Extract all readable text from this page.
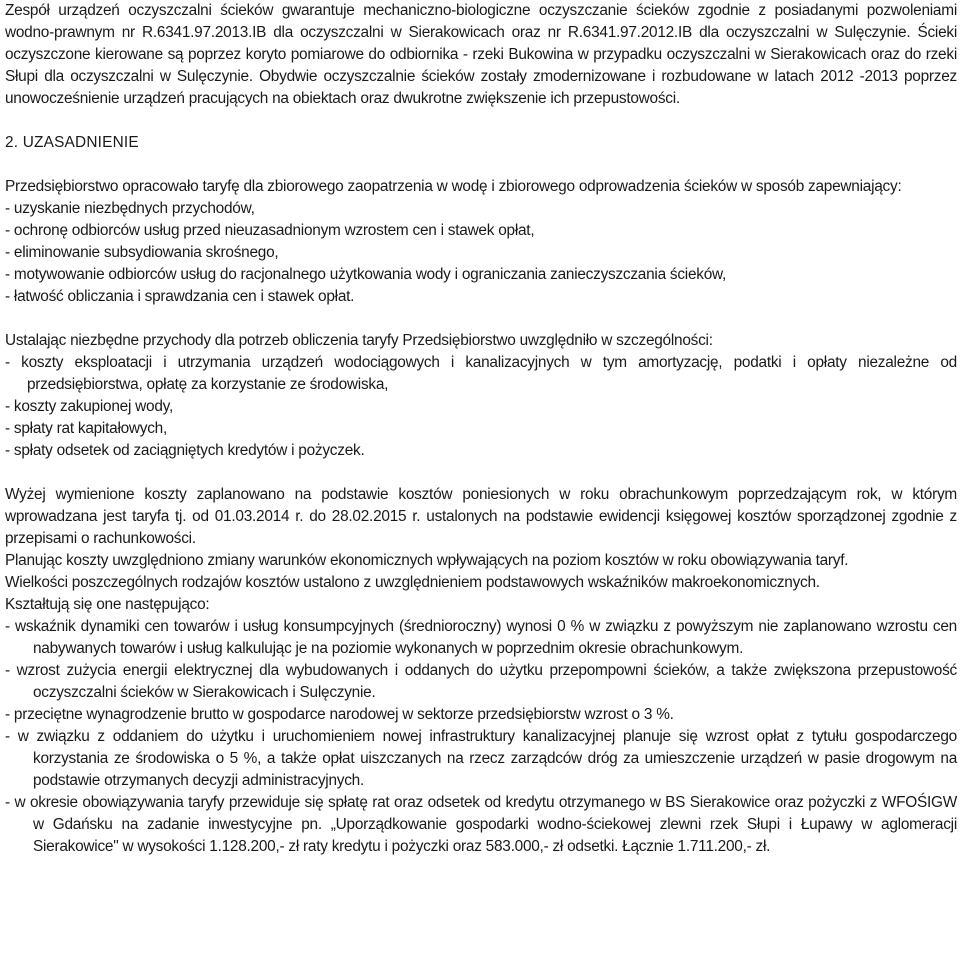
Zespół urządzeń oczyszczalni ścieków gwarantuje mechaniczno-biologiczne oczyszczanie ścieków zgodnie z posiadanymi pozwoleniami wodno-prawnym nr R.6341.97.2013.IB dla oczyszczalni w Sierakowicach oraz nr R.6341.97.2012.IB dla oczyszczalni w Sulęczynie. Ścieki oczyszczone kierowane są poprzez koryto pomiarowe do odbiornika - rzeki Bukowina w przypadku oczyszczalni w Sierakowicach oraz do rzeki Słupi dla oczyszczalni w Sulęczynie. Obydwie oczyszczalnie ścieków zostały zmodernizowane i rozbudowane w latach 2012 -2013 poprzez unowocześnienie urządzeń pracujących na obiektach oraz dwukrotne zwiększenie ich przepustowości.

2. UZASADNIENIE

Przedsiębiorstwo opracowało taryfę dla zbiorowego zaopatrzenia w wodę i zbiorowego odprowadzenia ścieków w sposób zapewniający:

- uzyskanie niezbędnych przychodów,

- ochronę odbiorców usług przed nieuzasadnionym wzrostem cen i stawek opłat,

- eliminowanie subsydiowania skrośnego,

- motywowanie odbiorców usług do racjonalnego użytkowania wody i ograniczania zanieczyszczania ścieków,

- łatwość obliczania i sprawdzania cen i stawek opłat.

Ustalając niezbędne przychody dla potrzeb obliczenia taryfy Przedsiębiorstwo uwzględniło w szczególności:

- koszty eksploatacji i utrzymania urządzeń wodociągowych i kanalizacyjnych w tym amortyzację, podatki i opłaty niezależne od przedsiębiorstwa, opłatę za korzystanie ze środowiska,

- koszty zakupionej wody,

- spłaty rat kapitałowych,

- spłaty odsetek od zaciągniętych kredytów i pożyczek.

Wyżej wymienione koszty zaplanowano na podstawie kosztów poniesionych w roku obrachunkowym poprzedzającym rok, w którym wprowadzana jest taryfa tj. od 01.03.2014 r. do 28.02.2015 r. ustalonych na podstawie ewidencji księgowej kosztów sporządzonej zgodnie z przepisami o rachunkowości.

Planując koszty uwzględniono zmiany warunków ekonomicznych wpływających na poziom kosztów w roku obowiązywania taryf.

Wielkości poszczególnych rodzajów kosztów ustalono z uwzględnieniem podstawowych wskaźników makroekonomicznych.

Kształtują się one następująco:

- wskaźnik dynamiki cen towarów i usług konsumpcyjnych (średnioroczny) wynosi 0 % w związku z powyższym nie zaplanowano wzrostu cen nabywanych towarów i usług kalkulując je na poziomie wykonanych w poprzednim okresie obrachunkowym.

- wzrost zużycia energii elektrycznej dla wybudowanych i oddanych do użytku przepompowni ścieków, a także zwiększona przepustowość oczyszczalni ścieków w Sierakowicach i Sulęczynie.

- przeciętne wynagrodzenie brutto w gospodarce narodowej w sektorze przedsiębiorstw wzrost o 3 %.

- w związku z oddaniem do użytku i uruchomieniem nowej infrastruktury kanalizacyjnej planuje się wzrost opłat z tytułu gospodarczego korzystania ze środowiska o 5 %, a także opłat uiszczanych na rzecz zarządców dróg za umieszczenie urządzeń w pasie drogowym na podstawie otrzymanych decyzji administracyjnych.

- w okresie obowiązywania taryfy przewiduje się spłatę rat oraz odsetek od kredytu otrzymanego w BS Sierakowice oraz pożyczki z WFOŚIGW w Gdańsku na zadanie inwestycyjne pn. „Uporządkowanie gospodarki wodno-ściekowej zlewni rzek Słupi i Łupawy w aglomeracji Sierakowice" w wysokości 1.128.200,- zł raty kredytu i pożyczki oraz 583.000,- zł odsetki. Łącznie 1.711.200,- zł.
